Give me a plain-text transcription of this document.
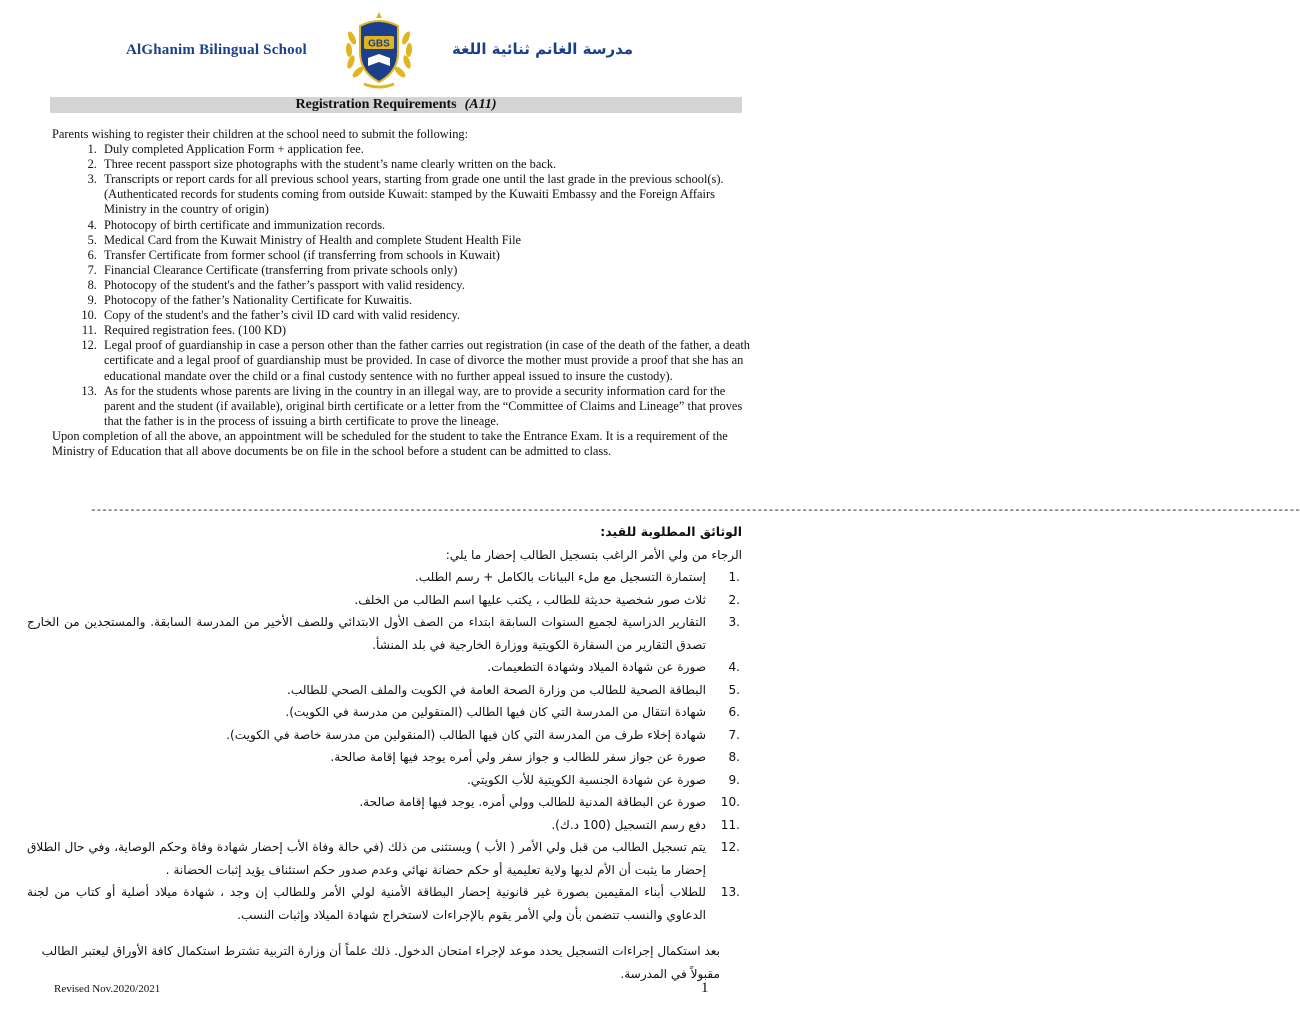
AlGhanim Bilingual School	GBS	مدرسة الغانم ثنائية اللغة
Registration Requirements (A11)

Parents wishing to register their children at the school need to submit the following:

1. Duly completed Application Form + application fee.
2. Three recent passport size photographs with the student’s name clearly written on the back.
3. Transcripts or report cards for all previous school years, starting from grade one until the last grade in the previous school(s). (Authenticated records for students coming from outside Kuwait: stamped by the Kuwaiti Embassy and the Foreign Affairs Ministry in the country of origin)
4. Photocopy of birth certificate and immunization records.
5. Medical Card from the Kuwait Ministry of Health and complete Student Health File
6. Transfer Certificate from former school (if transferring from schools in Kuwait)
7. Financial Clearance Certificate (transferring from private schools only)
8. Photocopy of the student's and the father’s passport with valid residency.
9. Photocopy of the father’s Nationality Certificate for Kuwaitis.
10. Copy of the student's and the father’s civil ID card with valid residency.
11. Required registration fees. (100 KD)
12. Legal proof of guardianship in case a person other than the father carries out registration (in case of the death of the father, a death certificate and a legal proof of guardianship must be provided. In case of divorce the mother must provide a proof that she has an educational mandate over the child or a final custody sentence with no further appeal issued to insure the custody).
13. As for the students whose parents are living in the country in an illegal way, are to provide a security information card for the parent and the student (if available), original birth certificate or a letter from the “Committee of Claims and Lineage” that proves that the father is in the process of issuing a birth certificate to prove the lineage.

Upon completion of all the above, an appointment will be scheduled for the student to take the Entrance Exam. It is a requirement of the Ministry of Education that all above documents be on file in the school before a student can be admitted to class.

------------------------------------------------------------------------------------------------------------------------------------------------------------------------------------------------------------------------

الوثائق المطلوبة للقيد:

الرجاء من ولي الأمر الراغب بتسجيل الطالب إحضار ما يلي:

.1
إستمارة التسجيل مع ملء البيانات بالكامل + رسم الطلب.
.2
ثلاث صور شخصية حديثة للطالب ، يكتب عليها اسم الطالب من الخلف.
.3
التقارير الدراسية لجميع السنوات السابقة ابتداء من الصف الأول الابتدائي وللصف الأخير من المدرسة السابقة. والمستجدين من الخارج تصدق التقارير من السفارة الكويتية ووزارة الخارجية في بلد المنشأ.
.4
صورة عن شهادة الميلاد وشهادة التطعيمات.
.5
البطاقة الصحية للطالب من وزارة الصحة العامة في الكويت والملف الصحي للطالب.
.6
شهادة انتقال من المدرسة التي كان فيها الطالب (المنقولين من مدرسة في الكويت).
.7
شهادة إخلاء طرف من المدرسة التي كان فيها الطالب (المنقولين من مدرسة خاصة في الكويت).
.8
صورة عن جواز سفر للطالب و جواز سفر ولي أمره يوجد فيها إقامة صالحة.
.9
صورة عن شهادة الجنسية الكويتية للأب الكويتي.
.10
صورة عن البطاقة المدنية للطالب وولي أمره. يوجد فيها إقامة صالحة.
.11
دفع رسم التسجيل (100 د.ك).
.12
يتم تسجيل الطالب من قبل ولي الأمر ( الأب ) ويستثنى من ذلك (في حالة وفاة الأب إحضار شهادة وفاة وحكم الوصاية، وفي حال الطلاق إحضار ما يثبت أن الأم لديها ولاية تعليمية أو حكم حضانة نهائي وعدم صدور حكم استئناف يؤيد إثبات الحضانة .
.13
للطلاب أبناء المقيمين بصورة غير قانونية إحضار البطاقة الأمنية لولي الأمر وللطالب إن وجد ، شهادة ميلاد أصلية أو كتاب من لجنة الدعاوي والنسب تتضمن بأن ولي الأمر يقوم بالإجراءات لاستخراج شهادة الميلاد وإثبات النسب.

بعد استكمال إجراءات التسجيل يحدد موعد لإجراء امتحان الدخول. ذلك علماً أن وزارة التربية تشترط استكمال كافة الأوراق ليعتبر الطالب مقبولاً في المدرسة.

Revised Nov.2020/2021	1
